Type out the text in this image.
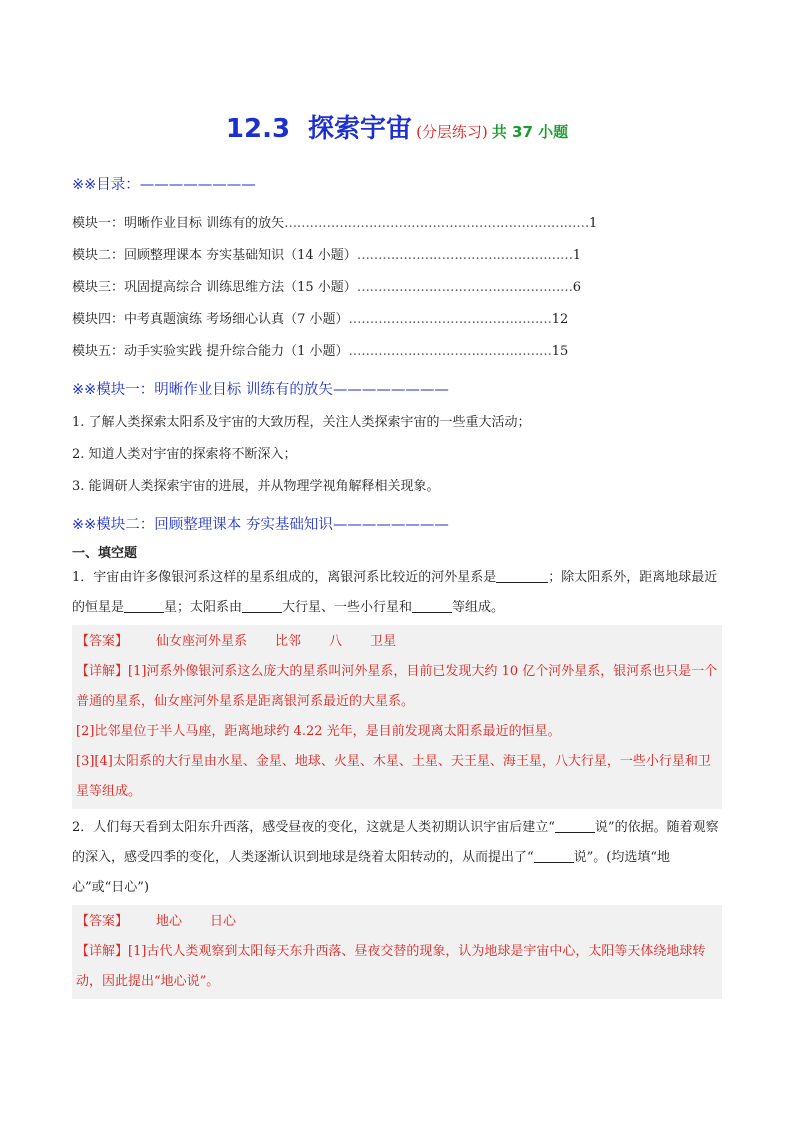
12.3 探索宇宙 (分层练习) 共 37 小题
※※目录：————————
模块一：明晰作业目标 训练有的放矢 ……………………………………………………………… 1
模块二：回顾整理课本 夯实基础知识（14 小题） …………………………………………… 1
模块三：巩固提高综合 训练思维方法（15 小题） …………………………………………… 6
模块四：中考真题演练 考场细心认真（7 小题） ………………………………………… 12
模块五：动手实验实践 提升综合能力（1 小题） ………………………………………… 15
※※模块一：明晰作业目标 训练有的放矢————————
1. 了解人类探索太阳系及宇宙的大致历程，关注人类探索宇宙的一些重大活动；
2. 知道人类对宇宙的探索将不断深入；
3. 能调研人类探索宇宙的进展，并从物理学视角解释相关现象。
※※模块二：回顾整理课本 夯实基础知识————————
一、填空题
1．宇宙由许多像银河系这样的星系组成的，离银河系比较近的河外星系是	；除太阳系外，距离地球最近的恒星是	星；太阳系由	大行星、一些小行星和	等组成。

【答案】 仙女座河外星系 比邻 八 卫星

【详解】[1]河系外像银河系这么庞大的星系叫河外星系，目前已发现大约 10 亿个河外星系，银河系也只是一个普通的星系，仙女座河外星系是距离银河系最近的大星系。

[2]比邻星位于半人马座，距离地球约 4.22 光年，是目前发现离太阳系最近的恒星。

[3][4]太阳系的大行星由水星、金星、地球、火星、木星、土星、天王星、海王星，八大行星，一些小行星和卫星等组成。

2．人们每天看到太阳东升西落，感受昼夜的变化，这就是人类初期认识宇宙后建立“	说”的依据。随着观察的深入，感受四季的变化，人类逐渐认识到地球是绕着太阳转动的，从而提出了“	说”。(均选填“地心”或“日心”)

【答案】 地心 日心

【详解】[1]古代人类观察到太阳每天东升西落、昼夜交替的现象，认为地球是宇宙中心，太阳等天体绕地球转动，因此提出“地心说”。
